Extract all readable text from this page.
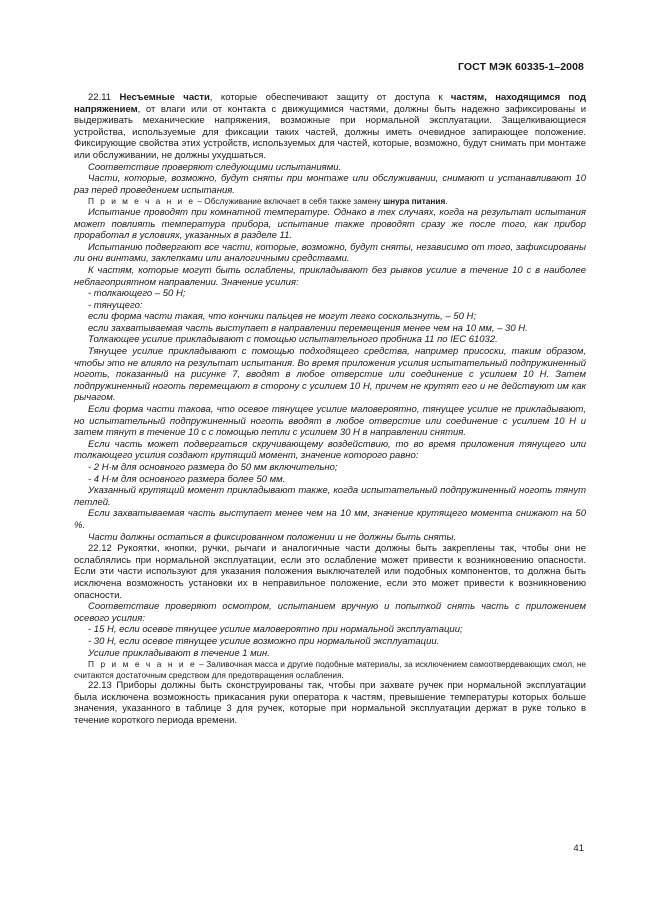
ГОСТ МЭК 60335-1–2008

22.11 Несъемные части, которые обеспечивают защиту от доступа к частям, находящимся под напряжением, от влаги или от контакта с движущимися частями, должны быть надежно зафиксированы и выдерживать механические напряжения, возможные при нормальной эксплуатации. Защелкивающиеся устройства, используемые для фиксации таких частей, должны иметь очевидное запирающее положение. Фиксирующие свойства этих устройств, используемых для частей, которые, возможно, будут снимать при монтаже или обслуживании, не должны ухудшаться.

Соответствие проверяют следующими испытаниями.

Части, которые, возможно, будут сняты при монтаже или обслуживании, снимают и устанавливают 10 раз перед проведением испытания.

П р и м е ч а н и е – Обслуживание включает в себя также замену шнура питания.

Испытание проводят при комнатной температуре. Однако в тех случаях, когда на результат испытания может повлиять температура прибора, испытание также проводят сразу же после того, как прибор проработал в условиях, указанных в разделе 11.

Испытанию подвергают все части, которые, возможно, будут сняты, независимо от того, зафиксированы ли они винтами, заклепками или аналогичными средствами.

К частям, которые могут быть ослаблены, прикладывают без рывков усилие в течение 10 с в наиболее неблагоприятном направлении. Значение усилия:

- толкающего – 50 Н;

- тянущего:

если форма части такая, что кончики пальцев не могут легко соскользнуть, – 50 Н;

если захватываемая часть выступает в направлении перемещения менее чем на 10 мм, – 30 Н.

Толкающее усилие прикладывают с помощью испытательного пробника 11 по IEC 61032.

Тянущее усилие прикладывают с помощью подходящего средства, например присоски, таким образом, чтобы это не влияло на результат испытания. Во время приложения усилия испытательный подпружиненный ноготь, показанный на рисунке 7, вводят в любое отверстие или соединение с усилием 10 Н. Затем подпружиненный ноготь перемещают в сторону с усилием 10 Н, причем не крутят его и не действуют им как рычагом.

Если форма части такова, что осевое тянущее усилие маловероятно, тянущее усилие не прикладывают, но испытательный подпружиненный ноготь вводят в любое отверстие или соединение с усилием 10 Н и затем тянут в течение 10 с с помощью петли с усилием 30 Н в направлении снятия.

Если часть может подвергаться скручивающему воздействию, то во время приложения тянущего или толкающего усилия создают крутящий момент, значение которого равно:

- 2 Н·м для основного размера до 50 мм включительно;

- 4 Н·м для основного размера более 50 мм.

Указанный крутящий момент прикладывают также, когда испытательный подпружиненный ноготь тянут петлей.

Если захватываемая часть выступает менее чем на 10 мм, значение крутящего момента снижают на 50 %.

Части должны остаться в фиксированном положении и не должны быть сняты.

22.12 Рукоятки, кнопки, ручки, рычаги и аналогичные части должны быть закреплены так, чтобы они не ослаблялись при нормальной эксплуатации, если это ослабление может привести к возникновению опасности. Если эти части используют для указания положения выключателей или подобных компонентов, то должна быть исключена возможность установки их в неправильное положение, если это может привести к возникновению опасности.

Соответствие проверяют осмотром, испытанием вручную и попыткой снять часть с приложением осевого усилия:

- 15 Н, если осевое тянущее усилие маловероятно при нормальной эксплуатации;

- 30 Н, если осевое тянущее усилие возможно при нормальной эксплуатации.

Усилие прикладывают в течение 1 мин.

П р и м е ч а н и е – Заливочная масса и другие подобные материалы, за исключением самоотвердевающих смол, не считаются достаточным средством для предотвращения ослабления.

22.13 Приборы должны быть сконструированы так, чтобы при захвате ручек при нормальной эксплуатации была исключена возможность прикасания руки оператора к частям, превышение температуры которых больше значения, указанного в таблице 3 для ручек, которые при нормальной эксплуатации держат в руке только в течение короткого периода времени.

41
